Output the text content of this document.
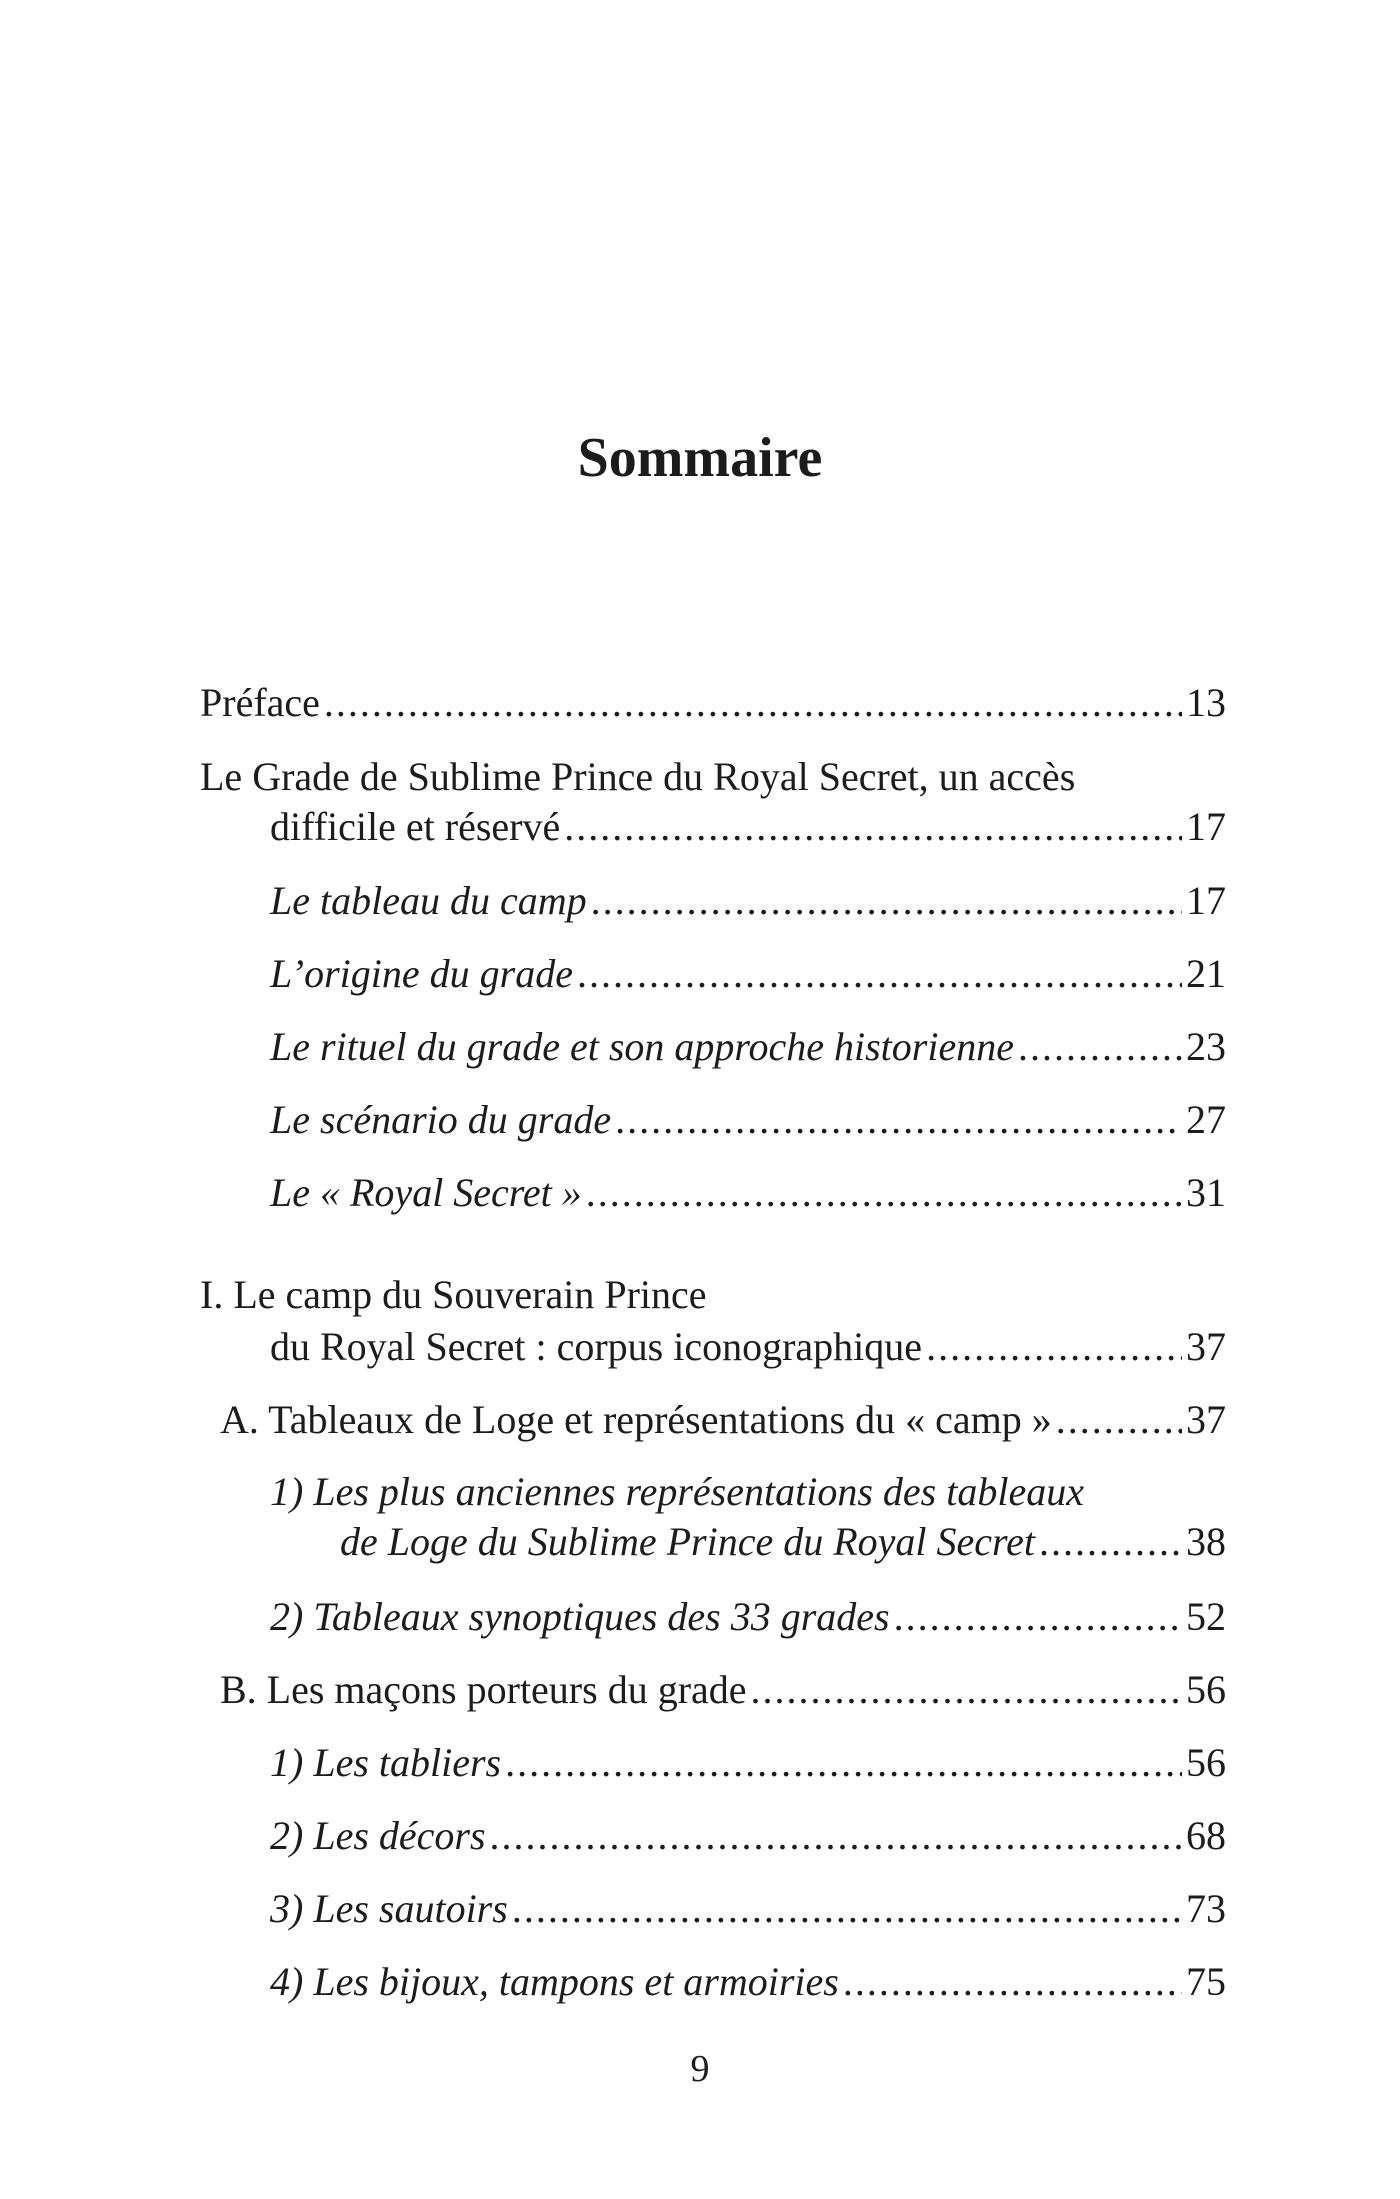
Sommaire
Préface .....	13
Le Grade de Sublime Prince du Royal Secret, un accès
difficile et réservé .....	17
Le tableau du camp .....	17
L’origine du grade .....	21
Le rituel du grade et son approche historienne .....	23
Le scénario du grade .....	27
Le « Royal Secret » .....	31
I. Le camp du Souverain Prince
du Royal Secret : corpus iconographique .....	37
A. Tableaux de Loge et représentations du « camp » .....	37
1) Les plus anciennes représentations des tableaux
de Loge du Sublime Prince du Royal Secret .....	38
2) Tableaux synoptiques des 33 grades .....	52
B. Les maçons porteurs du grade .....	56
1) Les tabliers .....	56
2) Les décors .....	68
3) Les sautoirs .....	73
4) Les bijoux, tampons et armoiries .....	75
9
